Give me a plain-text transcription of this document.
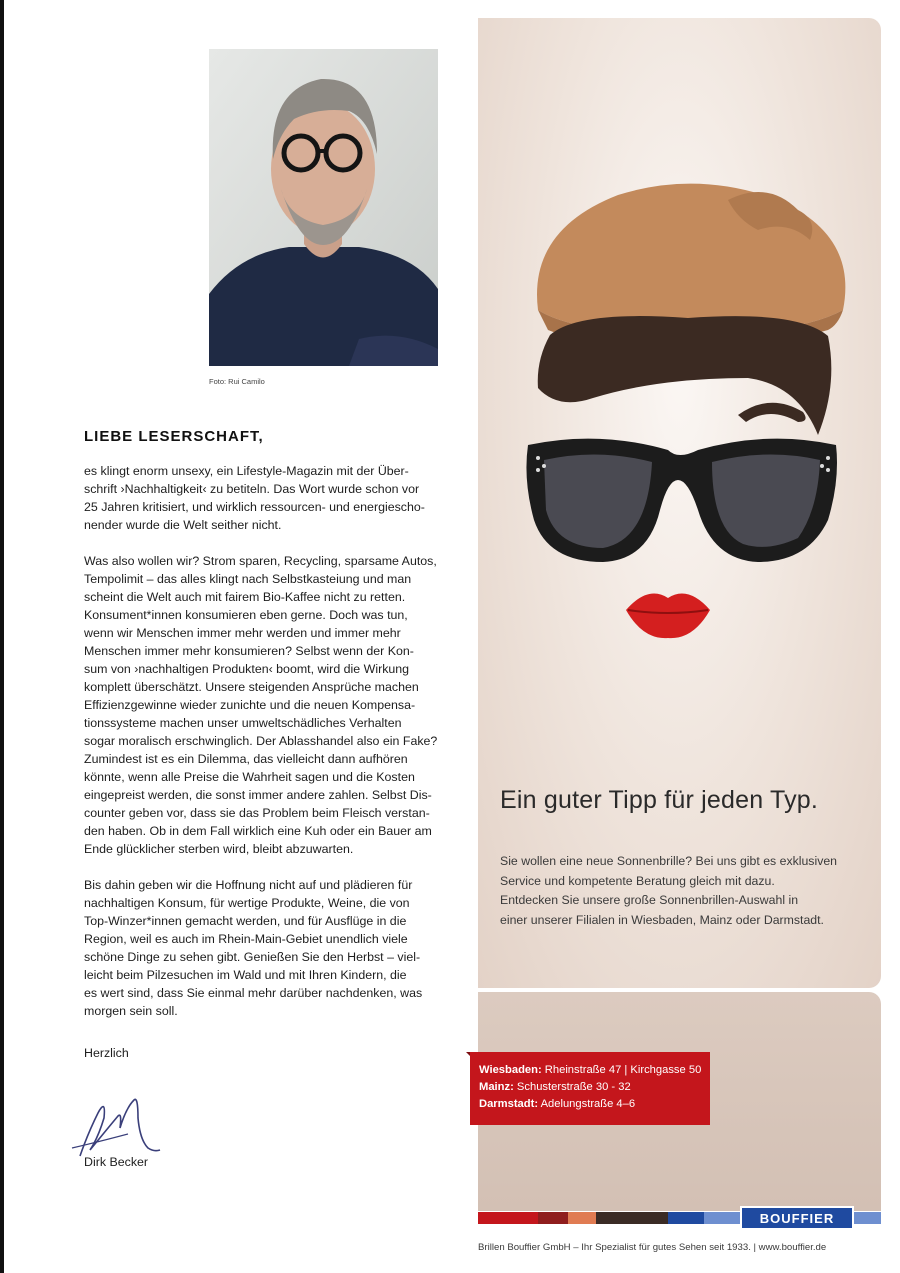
Foto: Rui Camilo
LIEBE LESERSCHAFT,

es klingt enorm unsexy, ein Lifestyle-Magazin mit der Über-
schrift ›Nachhaltigkeit‹ zu betiteln. Das Wort wurde schon vor
25 Jahren kritisiert, und wirklich ressourcen- und energiescho-
nender wurde die Welt seither nicht.

Was also wollen wir? Strom sparen, Recycling, sparsame Autos,
Tempolimit – das alles klingt nach Selbstkasteiung und man
scheint die Welt auch mit fairem Bio-Kaffee nicht zu retten.
Konsument*innen konsumieren eben gerne. Doch was tun,
wenn wir Menschen immer mehr werden und immer mehr
Menschen immer mehr konsumieren? Selbst wenn der Kon-
sum von ›nachhaltigen Produkten‹ boomt, wird die Wirkung
komplett überschätzt. Unsere steigenden Ansprüche machen
Effizienzgewinne wieder zunichte und die neuen Kompensa-
tionssysteme machen unser umweltschädliches Verhalten
sogar moralisch erschwinglich. Der Ablasshandel also ein Fake?
Zumindest ist es ein Dilemma, das vielleicht dann aufhören
könnte, wenn alle Preise die Wahrheit sagen und die Kosten
eingepreist werden, die sonst immer andere zahlen. Selbst Dis-
counter geben vor, dass sie das Problem beim Fleisch verstan-
den haben. Ob in dem Fall wirklich eine Kuh oder ein Bauer am
Ende glücklicher sterben wird, bleibt abzuwarten.

Bis dahin geben wir die Hoffnung nicht auf und plädieren für
nachhaltigen Konsum, für wertige Produkte, Weine, die von
Top-Winzer*innen gemacht werden, und für Ausflüge in die
Region, weil es auch im Rhein-Main-Gebiet unendlich viele
schöne Dinge zu sehen gibt. Genießen Sie den Herbst – viel-
leicht beim Pilzesuchen im Wald und mit Ihren Kindern, die
es wert sind, dass Sie einmal mehr darüber nachdenken, was
morgen sein soll.

Herzlich
Dirk Becker
Ein guter Tipp für jeden Typ.
Sie wollen eine neue Sonnenbrille? Bei uns gibt es exklusiven
Service und kompetente Beratung gleich mit dazu.
Entdecken Sie unsere große Sonnenbrillen-Auswahl in
einer unserer Filialen in Wiesbaden, Mainz oder Darmstadt.
Wiesbaden: Rheinstraße 47 | Kirchgasse 50
Mainz: Schusterstraße 30 - 32
Darmstadt: Adelungstraße 4–6
BOUFFIER
Brillen Bouffier GmbH – Ihr Spezialist für gutes Sehen seit 1933. | www.bouffier.de
